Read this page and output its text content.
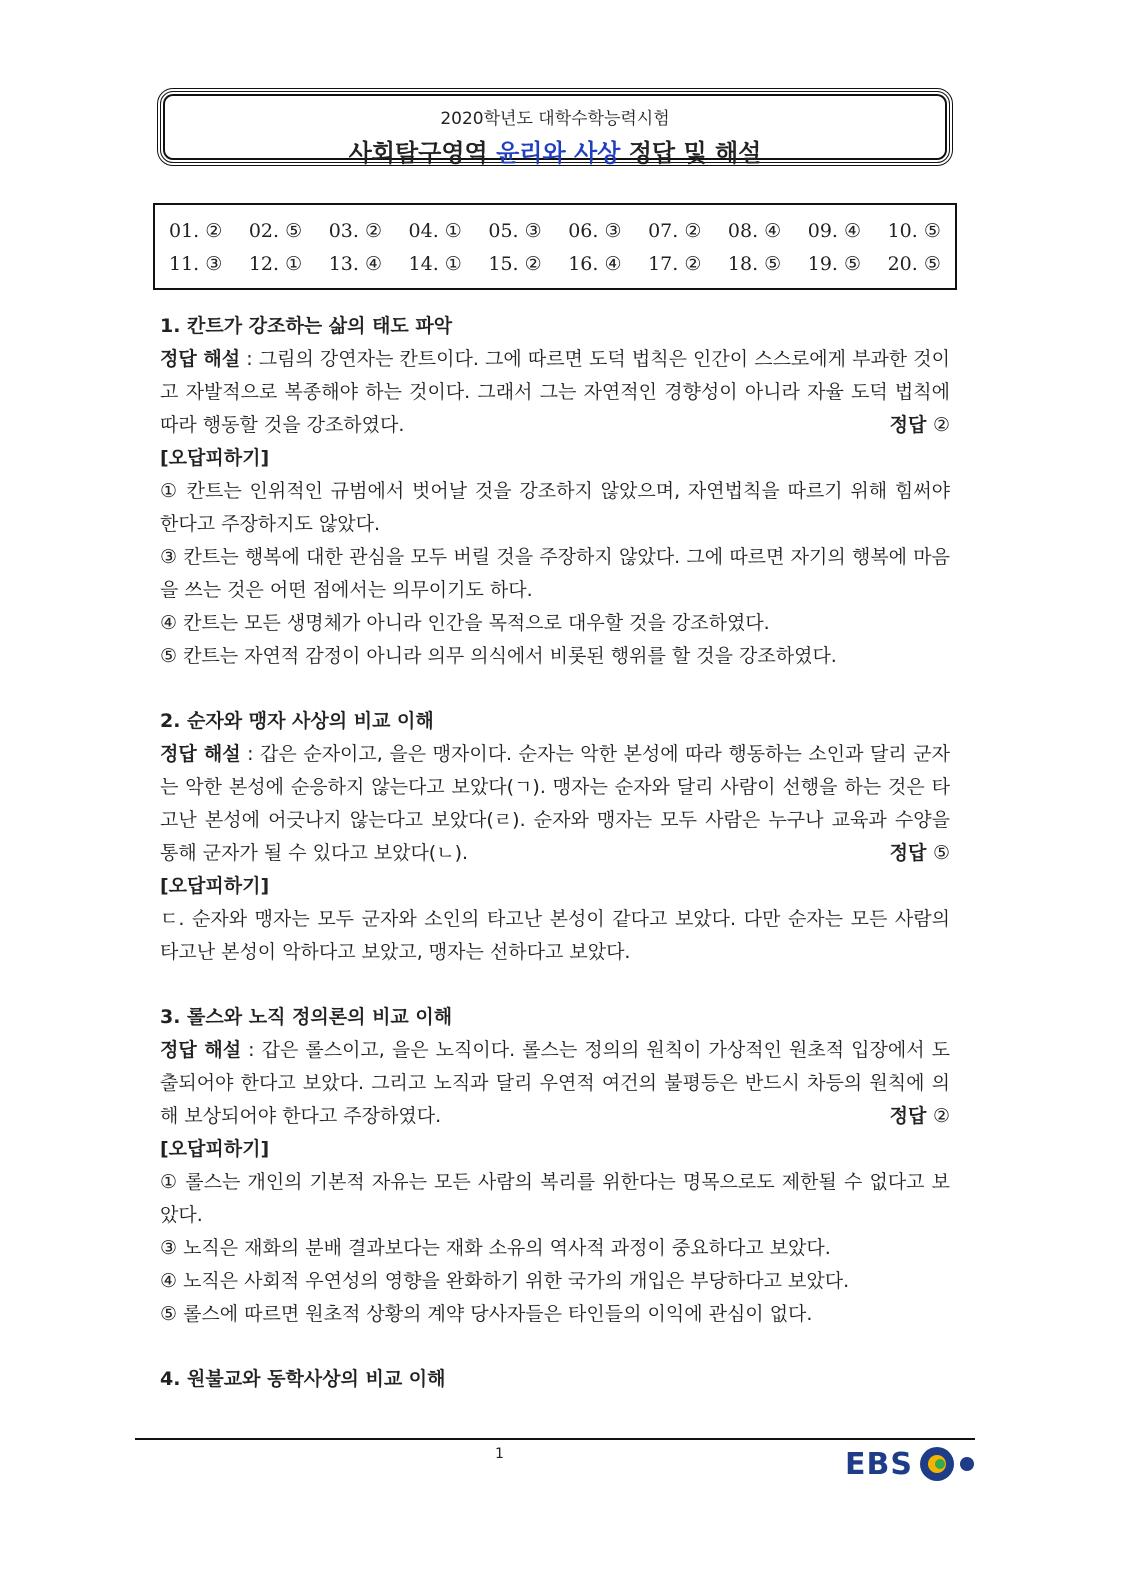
2020학년도 대학수학능력시험
사회탐구영역 윤리와 사상 정답 및 해설
01. ② 02. ⑤ 03. ② 04. ① 05. ③ 06. ③ 07. ② 08. ④ 09. ④ 10. ⑤
11. ③ 12. ① 13. ④ 14. ① 15. ② 16. ④ 17. ② 18. ⑤ 19. ⑤ 20. ⑤
1. 칸트가 강조하는 삶의 태도 파악

정답 해설 : 그림의 강연자는 칸트이다. 그에 따르면 도덕 법칙은 인간이 스스로에게 부과한 것이고 자발적으로 복종해야 하는 것이다. 그래서 그는 자연적인 경향성이 아니라 자율 도덕 법칙에 따라 행동할 것을 강조하였다.	정답 ②

[오답피하기]

① 칸트는 인위적인 규범에서 벗어날 것을 강조하지 않았으며, 자연법칙을 따르기 위해 힘써야 한다고 주장하지도 않았다.

③ 칸트는 행복에 대한 관심을 모두 버릴 것을 주장하지 않았다. 그에 따르면 자기의 행복에 마음을 쓰는 것은 어떤 점에서는 의무이기도 하다.

④ 칸트는 모든 생명체가 아니라 인간을 목적으로 대우할 것을 강조하였다.

⑤ 칸트는 자연적 감정이 아니라 의무 의식에서 비롯된 행위를 할 것을 강조하였다.

2. 순자와 맹자 사상의 비교 이해

정답 해설 : 갑은 순자이고, 을은 맹자이다. 순자는 악한 본성에 따라 행동하는 소인과 달리 군자는 악한 본성에 순응하지 않는다고 보았다(ㄱ). 맹자는 순자와 달리 사람이 선행을 하는 것은 타고난 본성에 어긋나지 않는다고 보았다(ㄹ). 순자와 맹자는 모두 사람은 누구나 교육과 수양을 통해 군자가 될 수 있다고 보았다(ㄴ).	정답 ⑤

[오답피하기]

ㄷ. 순자와 맹자는 모두 군자와 소인의 타고난 본성이 같다고 보았다. 다만 순자는 모든 사람의 타고난 본성이 악하다고 보았고, 맹자는 선하다고 보았다.

3. 롤스와 노직 정의론의 비교 이해

정답 해설 : 갑은 롤스이고, 을은 노직이다. 롤스는 정의의 원칙이 가상적인 원초적 입장에서 도출되어야 한다고 보았다. 그리고 노직과 달리 우연적 여건의 불평등은 반드시 차등의 원칙에 의해 보상되어야 한다고 주장하였다.	정답 ②

[오답피하기]

① 롤스는 개인의 기본적 자유는 모든 사람의 복리를 위한다는 명목으로도 제한될 수 없다고 보았다.

③ 노직은 재화의 분배 결과보다는 재화 소유의 역사적 과정이 중요하다고 보았다.

④ 노직은 사회적 우연성의 영향을 완화하기 위한 국가의 개입은 부당하다고 보았다.

⑤ 롤스에 따르면 원초적 상황의 계약 당사자들은 타인들의 이익에 관심이 없다.

4. 원불교와 동학사상의 비교 이해
1	EBS
